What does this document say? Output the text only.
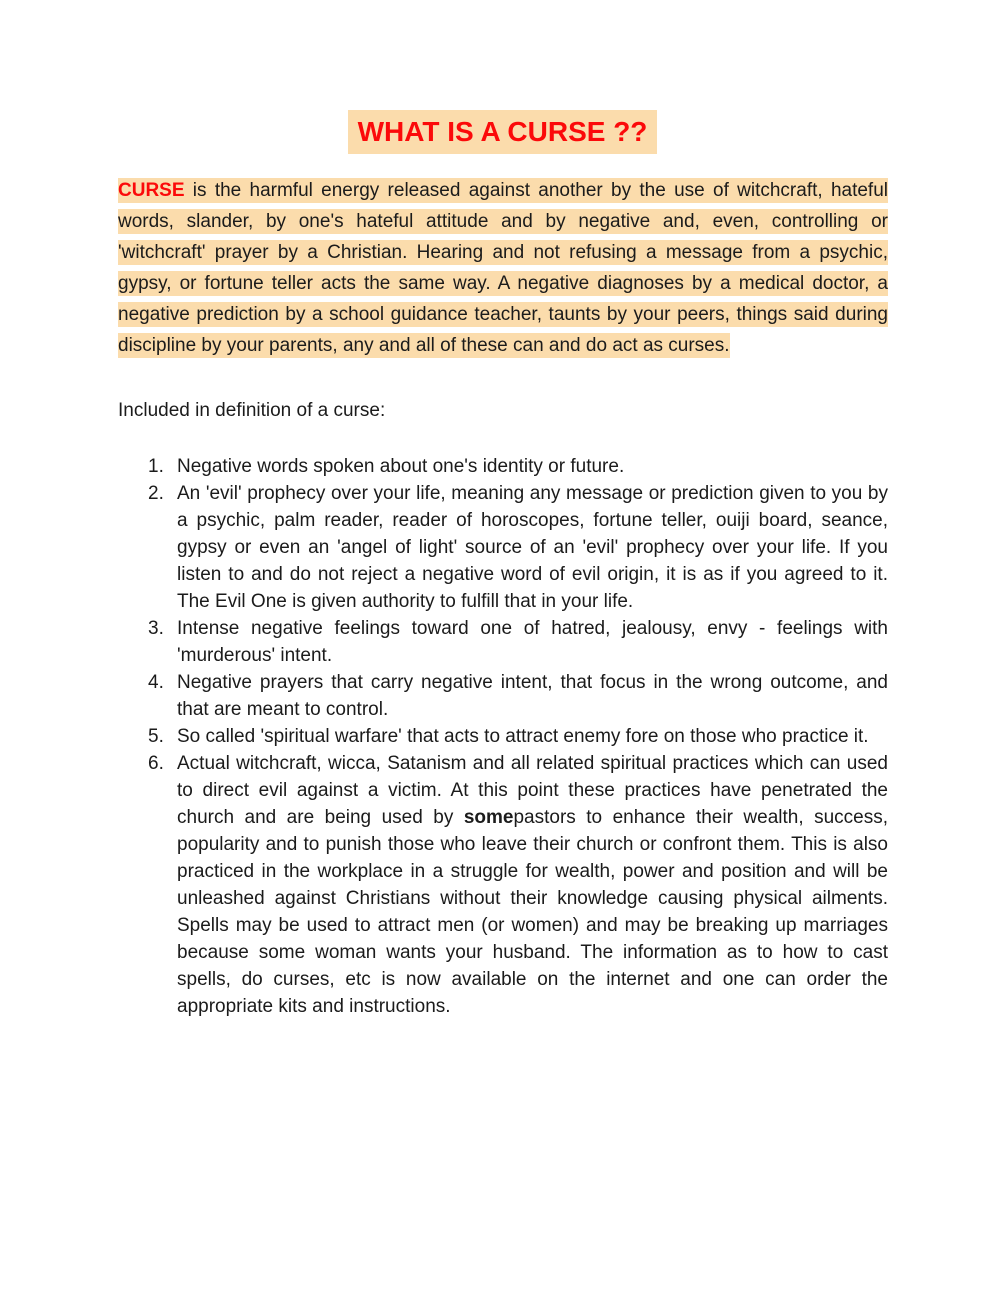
WHAT IS A CURSE ??

CURSE is the harmful energy released against another by the use of witchcraft, hateful words, slander, by one's hateful attitude and by negative and, even, controlling or 'witchcraft' prayer by a Christian. Hearing and not refusing a message from a psychic, gypsy, or fortune teller acts the same way. A negative diagnoses by a medical doctor, a negative prediction by a school guidance teacher, taunts by your peers, things said during discipline by your parents, any and all of these can and do act as curses.

Included in definition of a curse:

Negative words spoken about one's identity or future.
An 'evil' prophecy over your life, meaning any message or prediction given to you by a psychic, palm reader, reader of horoscopes, fortune teller, ouiji board, seance, gypsy or even an 'angel of light' source of an 'evil' prophecy over your life. If you listen to and do not reject a negative word of evil origin, it is as if you agreed to it. The Evil One is given authority to fulfill that in your life.
Intense negative feelings toward one of hatred, jealousy, envy - feelings with 'murderous' intent.
Negative prayers that carry negative intent, that focus in the wrong outcome, and that are meant to control.
So called 'spiritual warfare' that acts to attract enemy fore on those who practice it.
Actual witchcraft, wicca, Satanism and all related spiritual practices which can used to direct evil against a victim. At this point these practices have penetrated the church and are being used by somepastors to enhance their wealth, success, popularity and to punish those who leave their church or confront them. This is also practiced in the workplace in a struggle for wealth, power and position and will be unleashed against Christians without their knowledge causing physical ailments. Spells may be used to attract men (or women) and may be breaking up marriages because some woman wants your husband. The information as to how to cast spells, do curses, etc is now available on the internet and one can order the appropriate kits and instructions.
